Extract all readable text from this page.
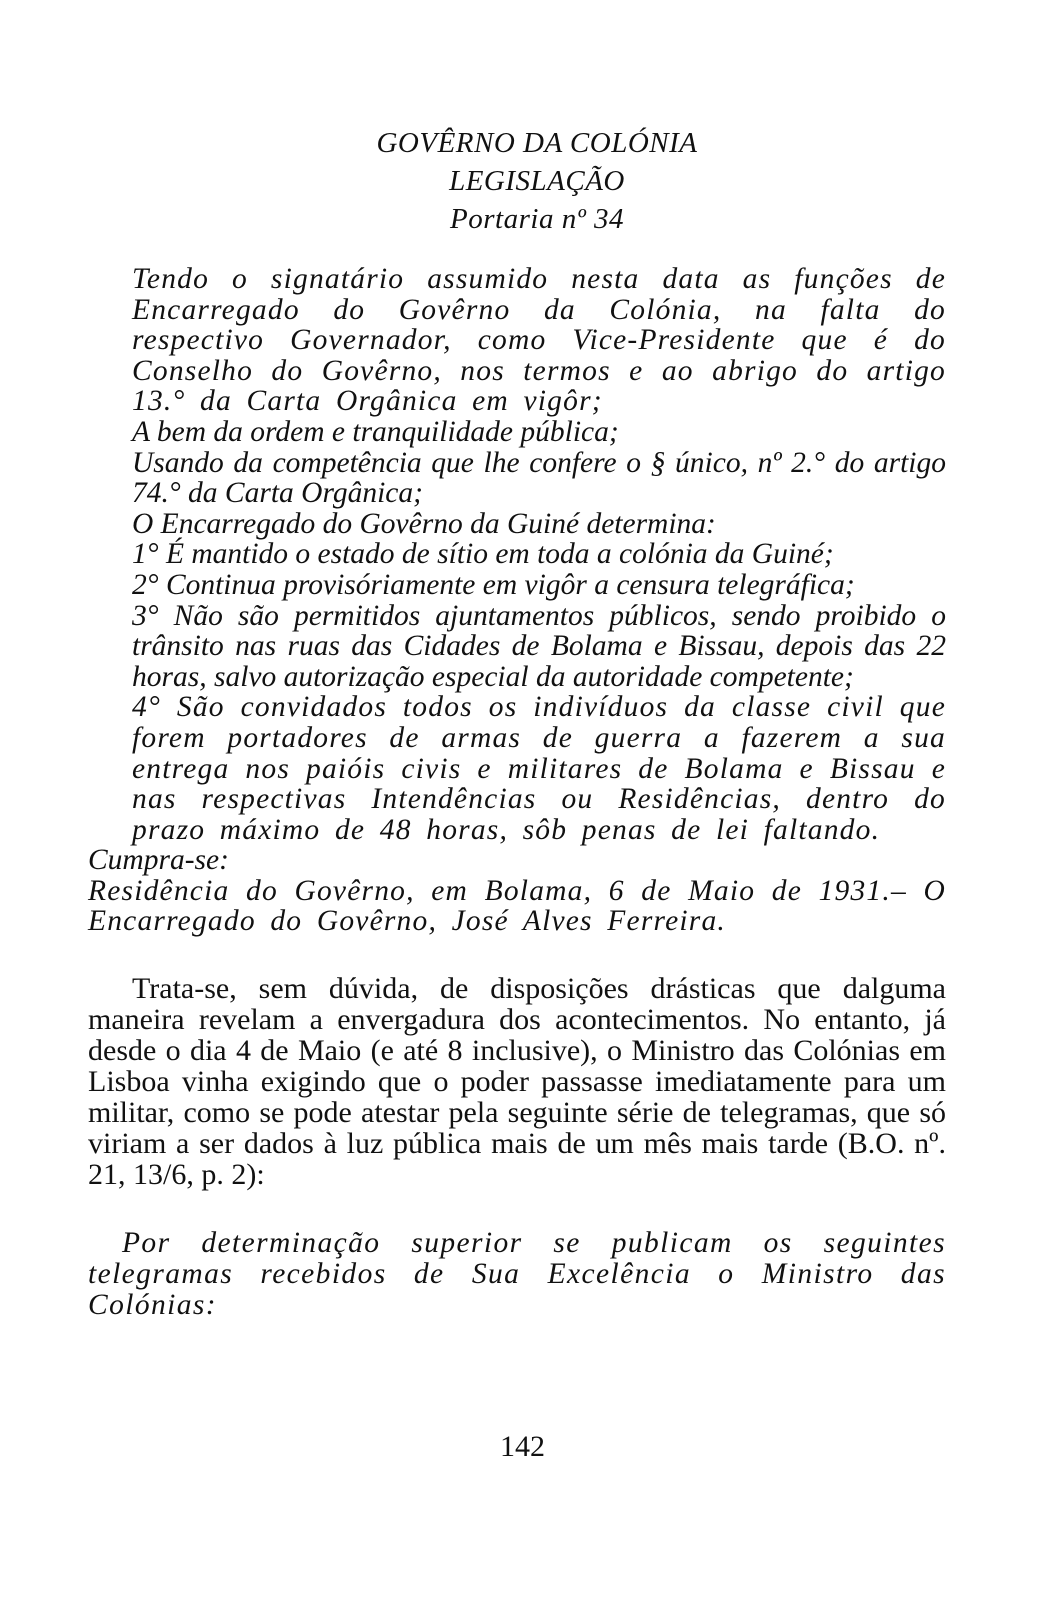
GOVÊRNO DA COLÓNIA
LEGISLAÇÃO
Portaria nº 34

Tendo o signatário assumido nesta data as funções de Encarregado do Govêrno da Colónia, na falta do respectivo Governador, como Vice-Presidente que é do Conselho do Govêrno, nos termos e ao abrigo do artigo 13.° da Carta Orgânica em vigôr;

A bem da ordem e tranquilidade pública;

Usando da competência que lhe confere o § único, nº 2.° do artigo 74.° da Carta Orgânica;

O Encarregado do Govêrno da Guiné determina:

1° É mantido o estado de sítio em toda a colónia da Guiné;

2° Continua provisóriamente em vigôr a censura telegráfica;

3° Não são permitidos ajuntamentos públicos, sendo proibido o trânsito nas ruas das Cidades de Bolama e Bissau, depois das 22 horas, salvo autorização especial da autoridade competente;

4° São convidados todos os indivíduos da classe civil que forem portadores de armas de guerra a fazerem a sua entrega nos paióis civis e militares de Bolama e Bissau e nas respectivas Intendências ou Residências, dentro do prazo máximo de 48 horas, sôb penas de lei faltando.

Cumpra-se:

Residência do Govêrno, em Bolama, 6 de Maio de 1931.– O Encarregado do Govêrno, José Alves Ferreira.

Trata-se, sem dúvida, de disposições drásticas que dalguma maneira revelam a envergadura dos acontecimentos. No entanto, já desde o dia 4 de Maio (e até 8 inclusive), o Ministro das Colónias em Lisboa vinha exigindo que o poder passasse imediatamente para um militar, como se pode atestar pela seguinte série de telegramas, que só viriam a ser dados à luz pública mais de um mês mais tarde (B.O. nº. 21, 13/6, p. 2):

Por determinação superior se publicam os seguintes telegramas recebidos de Sua Excelência o Ministro das Colónias:

142
